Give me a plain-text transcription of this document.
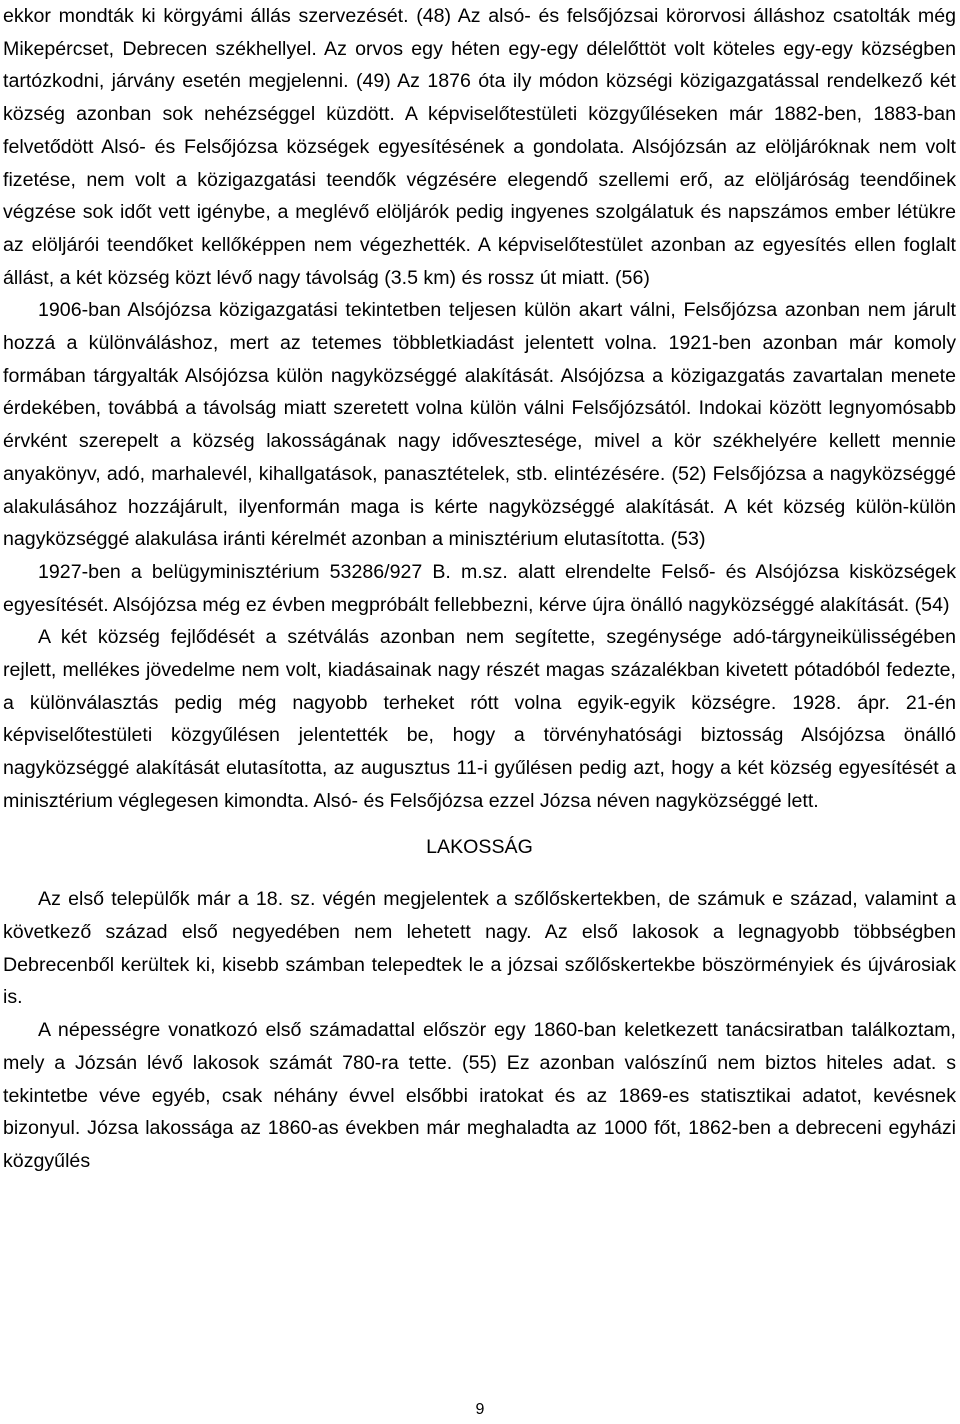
ekkor mondták ki körgyámi állás szervezését. (48) Az alsó- és felsőjózsai körorvosi álláshoz csatolták még Mikepércset, Debrecen székhellyel. Az orvos egy héten egy-egy délelőttöt volt köteles egy-egy községben tartózkodni, járvány esetén megjelenni. (49) Az 1876 óta ily módon községi közigazgatással rendelkező két község azonban sok nehézséggel küzdött. A képviselőtestületi közgyűléseken már 1882-ben, 1883-ban felvetődött Alsó- és Felsőjózsa községek egyesítésének a gondolata. Alsójózsán az elöljáróknak nem volt fizetése, nem volt a közigazgatási teendők végzésére elegendő szellemi erő, az elöljáróság teendőinek végzése sok időt vett igénybe, a meglévő elöljárók pedig ingyenes szolgálatuk és napszámos ember létükre az elöljárói teendőket kellőképpen nem végezhették. A képviselőtestület azonban az egyesítés ellen foglalt állást, a két község közt lévő nagy távolság (3.5 km) és rossz út miatt. (56)

1906-ban Alsójózsa közigazgatási tekintetben teljesen külön akart válni, Felsőjózsa azonban nem járult hozzá a különváláshoz, mert az tetemes többletkiadást jelentett volna. 1921-ben azonban már komoly formában tárgyalták Alsójózsa külön nagyközséggé alakítását. Alsójózsa a közigazgatás zavartalan menete érdekében, továbbá a távolság miatt szeretett volna külön válni Felsőjózsától. Indokai között legnyomósabb érvként szerepelt a község lakosságának nagy idővesztesége, mivel a kör székhelyére kellett mennie anyakönyv, adó, marhalevél, kihallgatások, panasztételek, stb. elintézésére. (52) Felsőjózsa a nagyközséggé alakulásához hozzájárult, ilyenformán maga is kérte nagyközséggé alakítását. A két község külön-külön nagyközséggé alakulása iránti kérelmét azonban a minisztérium elutasította. (53)

1927-ben a belügyminisztérium 53286/927 B. m.sz. alatt elrendelte Felső- és Alsójózsa kisközségek egyesítését. Alsójózsa még ez évben megpróbált fellebbezni, kérve újra önálló nagyközséggé alakítását. (54)

A két község fejlődését a szétválás azonban nem segítette, szegénysége adó-tárgyneikülisségében rejlett, mellékes jövedelme nem volt, kiadásainak nagy részét magas százalékban kivetett pótadóból fedezte, a különválasztás pedig még nagyobb terheket rótt volna egyik-egyik községre. 1928. ápr. 21-én képviselőtestületi közgyűlésen jelentették be, hogy a törvényhatósági biztosság Alsójózsa önálló nagyközséggé alakítását elutasította, az augusztus 11-i gyűlésen pedig azt, hogy a két község egyesítését a minisztérium véglegesen kimondta. Alsó- és Felsőjózsa ezzel Józsa néven nagyközséggé lett.

LAKOSSÁG

Az első települők már a 18. sz. végén megjelentek a szőlőskertekben, de számuk e század, valamint a következő század első negyedében nem lehetett nagy. Az első lakosok a legnagyobb többségben Debrecenből kerültek ki, kisebb számban telepedtek le a józsai szőlőskertekbe böszörményiek és újvárosiak is.

A népességre vonatkozó első számadattal először egy 1860-ban keletkezett tanácsiratban találkoztam, mely a Józsán lévő lakosok számát 780-ra tette. (55) Ez azonban valószínű nem biztos hiteles adat. s tekintetbe véve egyéb, csak néhány évvel elsőbbi iratokat és az 1869-es statisztikai adatot, kevésnek bizonyul. Józsa lakossága az 1860-as években már meghaladta az 1000 főt, 1862-ben a debreceni egyházi közgyűlés

9
